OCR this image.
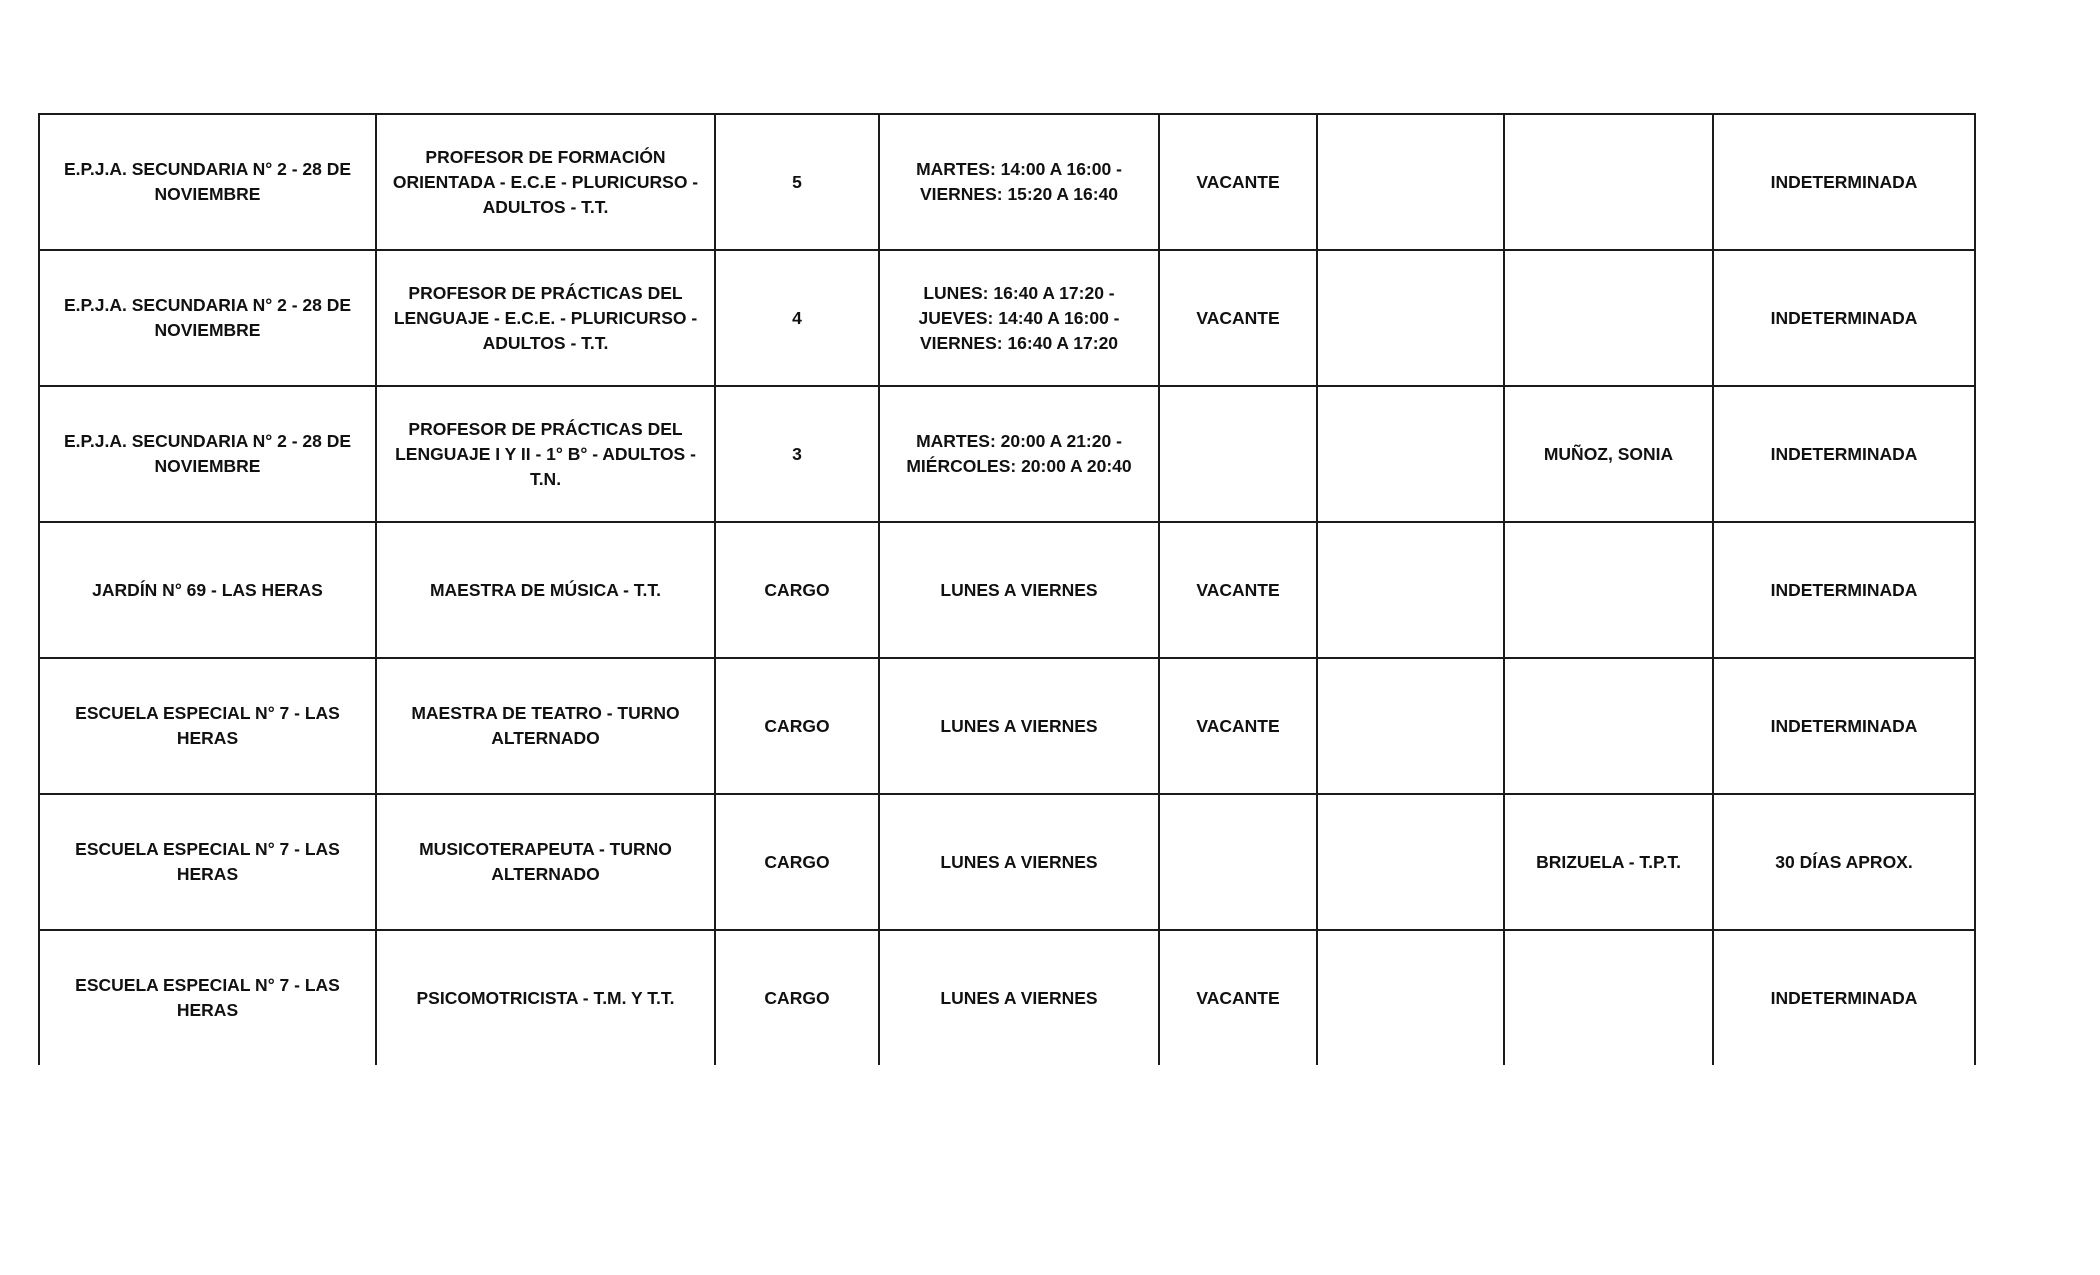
E.P.J.A. SECUNDARIA N° 2 - 28 DE NOVIEMBRE	PROFESOR DE FORMACIÓN ORIENTADA - E.C.E - PLURICURSO - ADULTOS - T.T.	5	MARTES: 14:00 A 16:00 - VIERNES: 15:20 A 16:40	VACANTE			INDETERMINADA
E.P.J.A. SECUNDARIA N° 2 - 28 DE NOVIEMBRE	PROFESOR DE PRÁCTICAS DEL LENGUAJE - E.C.E. - PLURICURSO - ADULTOS - T.T.	4	LUNES: 16:40 A 17:20 - JUEVES: 14:40 A 16:00 - VIERNES: 16:40 A 17:20	VACANTE			INDETERMINADA
E.P.J.A. SECUNDARIA N° 2 - 28 DE NOVIEMBRE	PROFESOR DE PRÁCTICAS DEL LENGUAJE I Y II - 1° B° - ADULTOS -T.N.	3	MARTES: 20:00 A 21:20 - MIÉRCOLES: 20:00 A 20:40			MUÑOZ, SONIA	INDETERMINADA
JARDÍN N° 69 - LAS HERAS	MAESTRA DE MÚSICA - T.T.	CARGO	LUNES A VIERNES	VACANTE			INDETERMINADA
ESCUELA ESPECIAL N° 7 - LAS HERAS	MAESTRA DE TEATRO - TURNO ALTERNADO	CARGO	LUNES A VIERNES	VACANTE			INDETERMINADA
ESCUELA ESPECIAL N° 7 - LAS HERAS	MUSICOTERAPEUTA - TURNO ALTERNADO	CARGO	LUNES A VIERNES			BRIZUELA - T.P.T.	30 DÍAS APROX.
ESCUELA ESPECIAL N° 7 - LAS HERAS	PSICOMOTRICISTA - T.M. Y T.T.	CARGO	LUNES A VIERNES	VACANTE			INDETERMINADA
